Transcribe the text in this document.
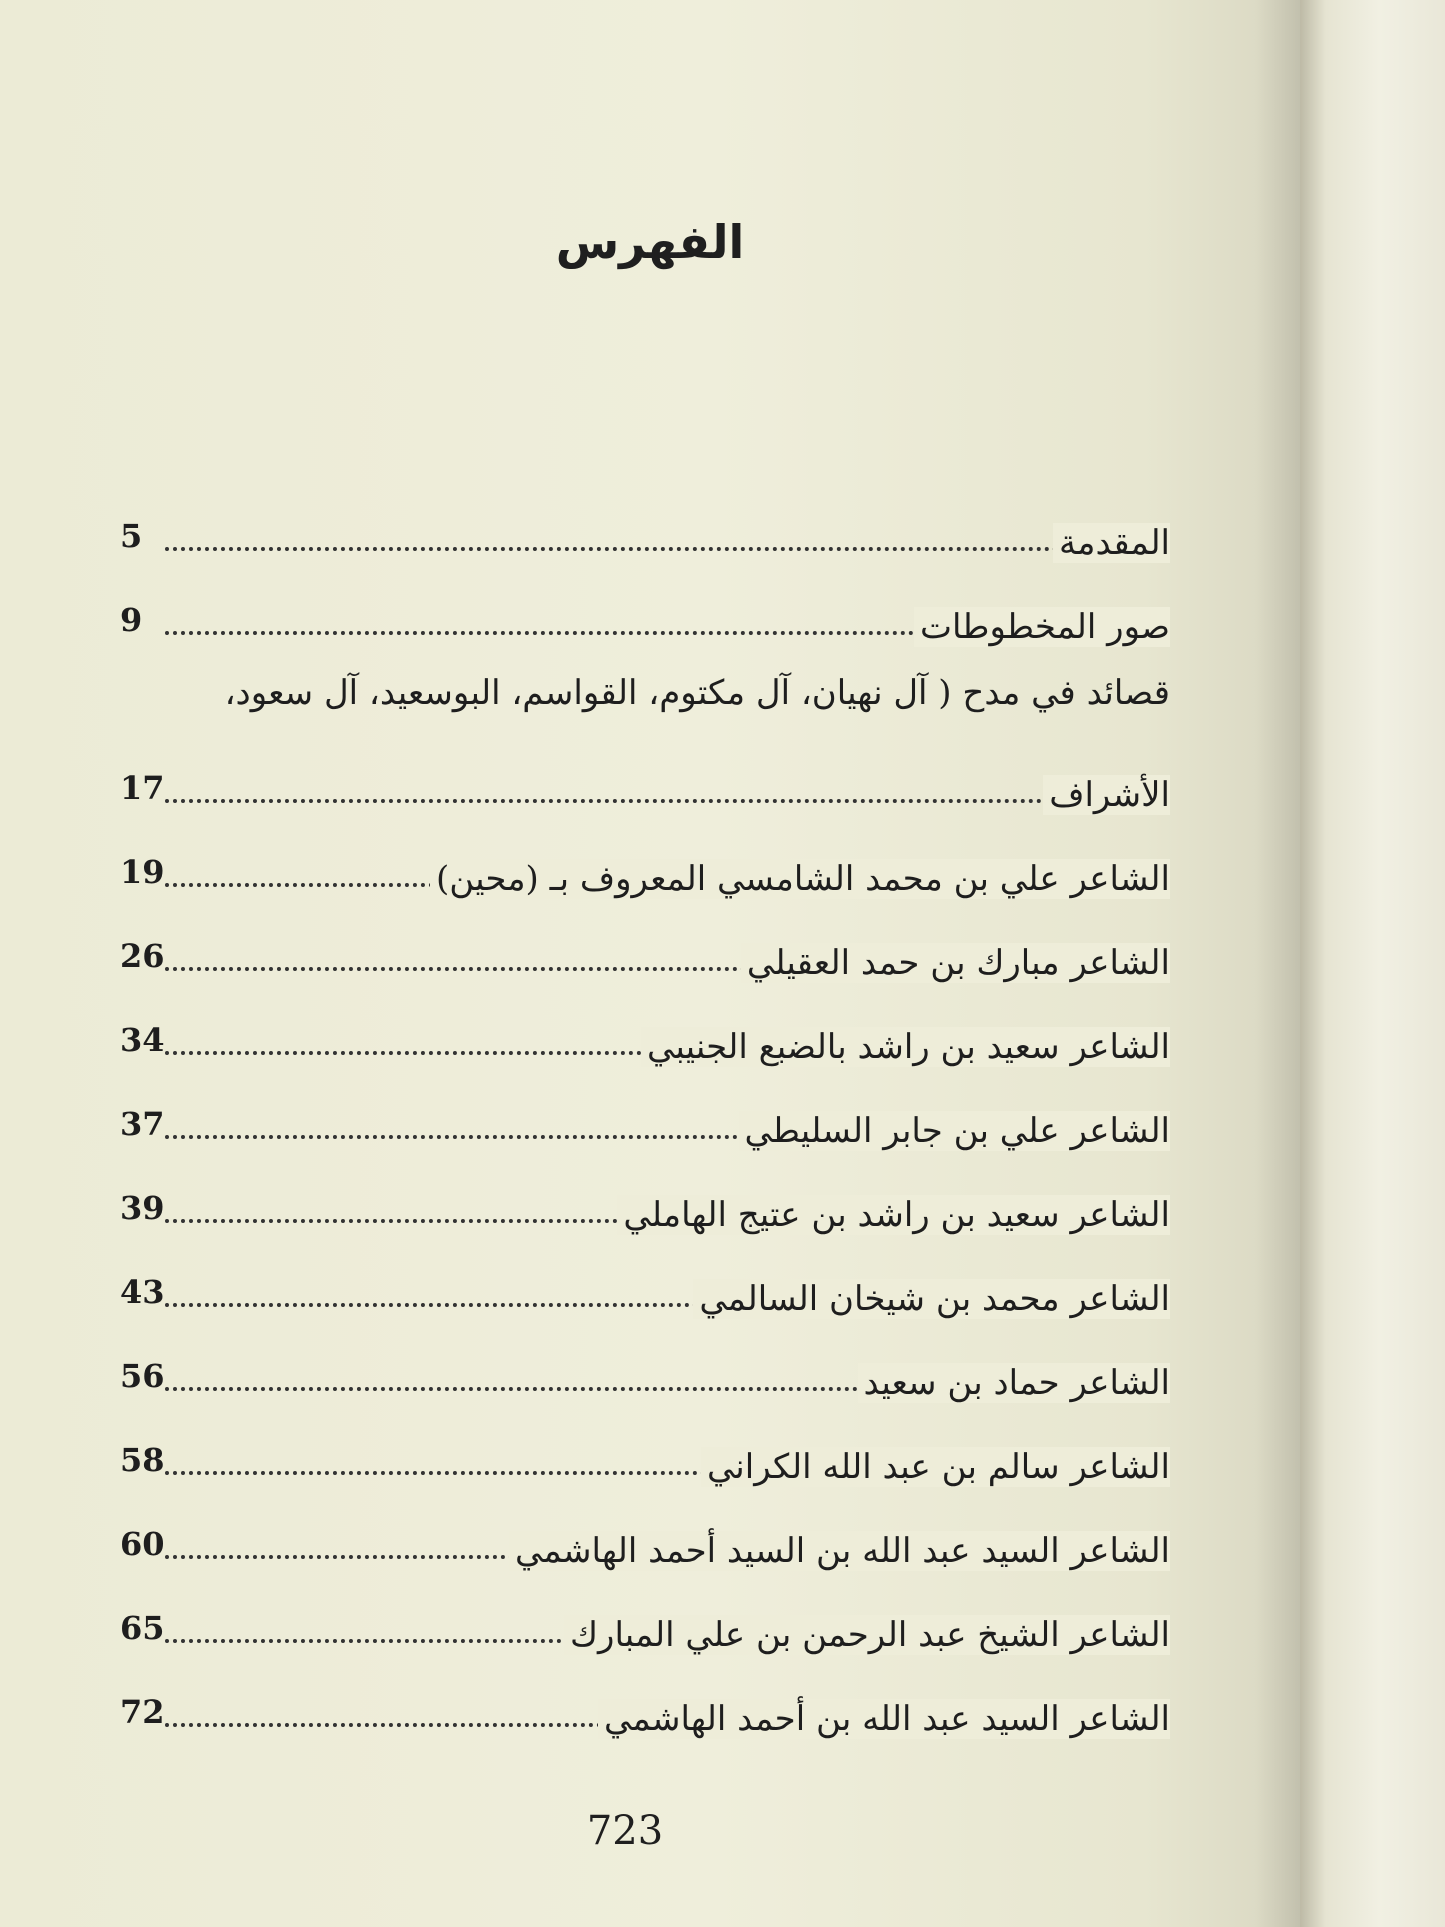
الفهرس
المقدمة
5
صور المخطوطات
9
قصائد في مدح ( آل نهيان، آل مكتوم، القواسم، البوسعيد، آل سعود،
الأشراف
17
الشاعر علي بن محمد الشامسي المعروف بـ (محين)
19
الشاعر مبارك بن حمد العقيلي
26
الشاعر سعيد بن راشد بالضبع الجنيبي
34
الشاعر علي بن جابر السليطي
37
الشاعر سعيد بن راشد بن عتيج الهاملي
39
الشاعر محمد بن شيخان السالمي
43
الشاعر حماد بن سعيد
56
الشاعر سالم بن عبد الله الكراني
58
الشاعر السيد عبد الله بن السيد أحمد الهاشمي
60
الشاعر الشيخ عبد الرحمن بن علي المبارك
65
الشاعر السيد عبد الله بن أحمد الهاشمي
72

723
